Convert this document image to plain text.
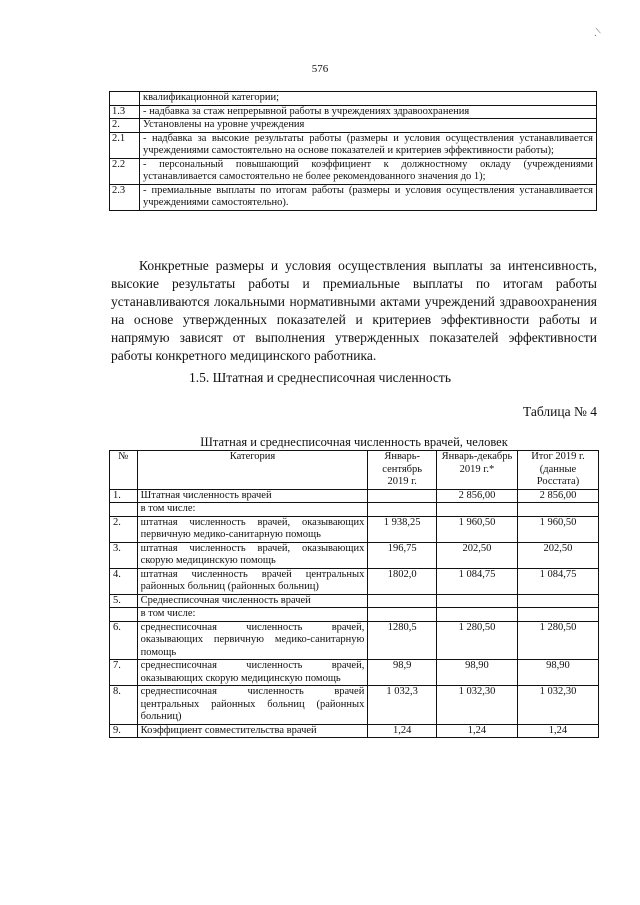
576
· /
	квалификационной категории;
1.3	- надбавка за стаж непрерывной работы в учреждениях здравоохранения
2.	Установлены на уровне учреждения
2.1	- надбавка за высокие результаты работы (размеры и условия осуществления устанавливается учреждениями самостоятельно на основе показателей и критериев эффективности работы);
2.2	- персональный повышающий коэффициент к должностному окладу (учреждениями устанавливается самостоятельно не более рекомендованного значения до 1);
2.3	- премиальные выплаты по итогам работы (размеры и условия осуществления устанавливается учреждениями самостоятельно).

Конкретные размеры и условия осуществления выплаты за интенсивность, высокие результаты работы и премиальные выплаты по итогам работы устанавливаются локальными нормативными актами учреждений здравоохранения на основе утвержденных показателей и критериев эффективности работы и напрямую зависят от выполнения утвержденных показателей эффективности работы конкретного медицинского работника.

1.5. Штатная и среднесписочная численность
Таблица № 4
Штатная и среднесписочная численность врачей, человек
№	Категория	Январь-сентябрь 2019 г.	Январь-декабрь 2019 г.*	Итог 2019 г. (данные Росстата)
1.	Штатная численность врачей		2 856,00	2 856,00
	в том числе:			
2.	штатная численность врачей, оказывающих первичную медико-санитарную помощь	1 938,25	1 960,50	1 960,50
3.	штатная численность врачей, оказывающих скорую медицинскую помощь	196,75	202,50	202,50
4.	штатная численность врачей центральных районных больниц (районных больниц)	1802,0	1 084,75	1 084,75
5.	Среднесписочная численность врачей			
	в том числе:			
6.	среднесписочная численность врачей, оказывающих первичную медико-санитарную помощь	1280,5	1 280,50	1 280,50
7.	среднесписочная численность врачей, оказывающих скорую медицинскую помощь	98,9	98,90	98,90
8.	среднесписочная численность врачей центральных районных больниц (районных больниц)	1 032,3	1 032,30	1 032,30
9.	Коэффициент совместительства врачей	1,24	1,24	1,24
